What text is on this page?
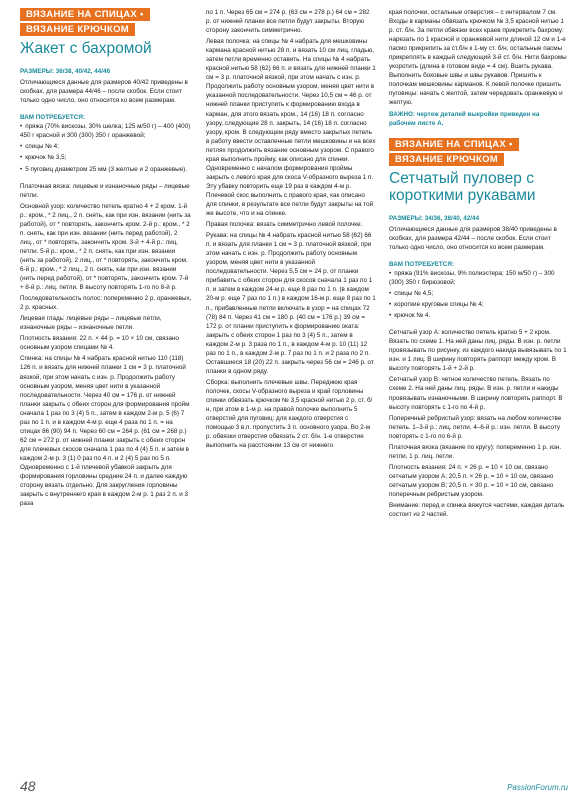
ВЯЗАНИЕ НА СПИЦАХ •
ВЯЗАНИЕ КРЮЧКОМ
Жакет с бахромой
РАЗМЕРЫ: 36/38, 40/42, 44/46
Отличающиеся данные для размеров 40/42 приведены в скобках, для размера 44/46 – после скобок. Если стоит только одно число, оно относится ко всем размерам.
ВАМ ПОТРЕБУЕТСЯ:
• пряжа (70% вискозы, 30% шелка; 125 м/50 г) – 400 (400) 450 г красной и 300 (300) 350 г оранжевой;
• спицы № 4;
• крючок № 3,5;
• 5 пуговиц диаметром 25 мм (3 желтые и 2 оранжевые).
Платочная вязка: лицевые и изнаночные ряды – лицевые петли.
Основной узор: количество петель кратно 4 + 2 кром. 1-й р.: кром., * 2 лиц., 2 п. снять, как при изн. вязании (нить за работой), от * повторять, закончить кром. 2-й р.: кром., * 2 п. снять, как при изн. вязании (нить перед работой), 2 лиц., от * повторять, закончить кром. 3-й + 4-й р.: лиц. петли. 5-й р.: кром., * 2 п. снять, как при изн. вязании (нить за работой), 2 лиц., от * повторять, закончить кром. 6-й р.: кром., * 2 лиц., 2 п. снять, как при изн. вязании (нить перед работой), от * повторять, закончить кром. 7-й + 8-й р.: лиц. петли. В высоту повторять 1-го по 8-й р.
Последовательность полос: попеременно 2 р. оранжевых, 2 р. красных.
Лицевая гладь: лицевые ряды – лицевые петли, изнаночные ряды – изнаночные петли.
Плотность вязания: 22 п. × 44 р. = 10 × 10 см, связано основным узором спицами № 4.
Спинка: на спицы № 4 набрать красной нитью 110 (118) 126 п. и вязать для нижней планки 1 см = 3 р. платочной вязкой, при этом начать с изн. р. Продолжить работу основным узором, меняя цвет нити в указанной последовательности. Через 40 см = 176 р. от нижней планки закрыть с обеих сторон для формирования пройм сначала 1 раз по 3 (4) 5 п., затем в каждом 2-м р. 5 (6) 7 раз по 1 п. и в каждом 4-м р. еще 4 раза по 1 п. = на спицах 86 (90) 94 п. Через 60 см = 264 р. (61 см = 268 р.) 62 см = 272 р. от нижней планки закрыть с обеих сторон для плечевых скосов сначала 1 раз по 4 (4) 5 п. и затем в каждом 2-м р. 3 (1) 0 раз по 4 п. и 2 (4) 5 раз по 5 п. Одновременно с 1-й плечевой убавкой закрыть для формирования горловины средние 24 п. и далее каждую сторону вязать отдельно. Для закругления горловины закрыть с внутреннего края в каждом 2-м р. 1 раз 2 п. и 3 раза
по 1 п. Через 65 см = 274 р. (63 см = 278 р.) 64 см = 282 р. от нижней планки все петли будут закрыты. Вторую сторону закончить симметрично.
Левая полочка: на спицы № 4 набрать для мешковины кармана красной нитью 28 п. и вязать 10 см лиц. гладью, затем петли временно оставить. На спицы № 4 набрать красной нитью 58 (62) 66 п. и вязать для нижней планки 1 см = 3 р. платочной вязкой, при этом начать с изн. р. Продолжить работу основным узором, меняя цвет нити в указанной последовательности. Через 10,5 см = 46 р. от нижней планки приступить к формированию входа в карман, для этого вязать кром., 14 (16) 18 п. согласно узору, следующие 28 п. закрыть, 14 (16) 18 п. согласно узору, кром. В следующем ряду вместо закрытых петель в работу ввести оставленные петли мешковины и на всех петлях продолжить вязание основным узором. С правого края выполнить пройму, как описано для спинки. Одновременно с началом формирования проймы закрыть с левого края для скоса V-образного выреза 1 п. Эту убавку повторить еще 19 раз в каждом 4-м р. Плечевой скос выполнить с правого края, как описано для спинки, в результате все петли будут закрыты на той же высоте, что и на спинке.
Правая полочка: вязать симметрично левой полочке.
Рукава: на спицы № 4 набрать красной нитью 58 (62) 66 п. и вязать для планки 1 см = 3 р. платочной вязкой, при этом начать с изн. р. Продолжить работу основным узором, меняя цвет нити в указанной последовательности. Через 5,5 см = 24 р. от планки прибавить с обеих сторон для скосов сначала 1 раз по 1 п. и затем в каждом 24-м р. еще 8 раз по 1 п. (в каждом 20-м р. еще 7 раз по 1 п.) в каждом 16-м р. еще 8 раз по 1 п., прибавленные петли включать в узор = на спицах 72 (78) 84 п. Через 41 см = 180 р. (40 см = 176 р.) 39 см = 172 р. от планки приступить к формированию оката: закрыть с обеих сторон 1 раз по 3 (4) 5 п., затем в каждом 2-м р. 3 раза по 1 п., в каждом 4-м р. 10 (11) 12 раз по 1 п., в каждом 2-м р. 7 раз по 1 п. и 2 раза по 2 п. Оставшиеся 18 (20) 22 п. закрыть через 56 см = 246 р. от планки в одном ряду.
Сборка: выполнить плечевые швы. Переднюю края полочек, скосы V-образного выреза и край горловины спинки обвязать крючком № 3,5 красной нитью 2 р. ст. б/н, при этом в 1-м р. на правой полочке выполнить 5 отверстий для пуговиц: для каждого отверстия с помощью 3 в.п. пропустить 3 п. основного узора. Во 2-м р. обвязки отверстия обвязать 2 ст. б/н. 1-е отверстие выполнить на расстоянии 13 см от нижнего
края полочки, остальные отверстия – с интервалом 7 см. Входы в карманы обвязать крючком № 3,5 красной нитью 1 р. ст. б/н. За петли обвязки всех краев прикрепить бахрому: нарезать по 1 красной и оранжевой нити длиной 12 см и 1-е пасмо прикрепить за ст.б/н к 1-му ст. б/н, остальные пасмы прикреплять в каждый следующий 3-й ст. б/н. Нити бахромы укоротить (длина в готовом виде = 4 см). Вшить рукава. Выполнить боковые швы и швы рукавов. Пришить к полочкам мешковины карманов. К левой полочке пришить пуговицы: начать с желтой, затем чередовать оранжевую и желтую.
ВАЖНО: чертеж деталей выкройки приведен на рабочем листе А.
ВЯЗАНИЕ НА СПИЦАХ •
ВЯЗАНИЕ КРЮЧКОМ
Сетчатый пуловер с короткими рукавами
РАЗМЕРЫ: 34/36, 38/40, 42/44
Отличающиеся данные для размеров 38/40 приведены в скобках, для размера 42/44 – после скобок. Если стоит только одно число, оно относится ко всем размерам.
ВАМ ПОТРЕБУЕТСЯ:
• пряжа (91% вискозы, 9% полиэстера; 150 м/50 г) – 300 (300) 350 г бирюзовой;
• спицы № 4,5;
• короткие круговые спицы № 4;
• крючок № 4.
Сетчатый узор А: количество петель кратно 5 + 2 кром. Вязать по схеме 1. На ней даны лиц. ряды. В изн. р. петли провязывать по рисунку, из каждого накида вывязывать по 1 изн. и 1 лиц. В ширину повторять раппорт между кром. В высоту повторять 1-й + 2-й р.
Сетчатый узор В: четное количество петель. Вязать по схеме 2. На ней даны лиц. ряды. В изн. р. петли и накиды провязывать изнаночными. В ширину повторять раппорт. В высоту повторять с 1-го по 4-й р.
Поперечный ребристый узор: вязать на любом количестве петель. 1–3-й р.: лиц. петли. 4–6-й р.: изн. петли. В высоту повторять с 1-го по 6-й р.
Платочная вязка (вязание по кругу): попеременно 1 р. изн. петли, 1 р. лиц. петли.
Плотность вязания: 24 п. × 26 р. = 10 × 10 см, связано сетчатым узором А; 20,5 п. × 26 р. = 10 × 10 см, связано сетчатым узором В; 20,5 п. × 30 р. = 10 × 10 см, связано поперечным ребристым узором.
Внимание: перед и спинка вяжутся частями, каждая деталь состоит из 2 частей.
48	PassionForum.ru
